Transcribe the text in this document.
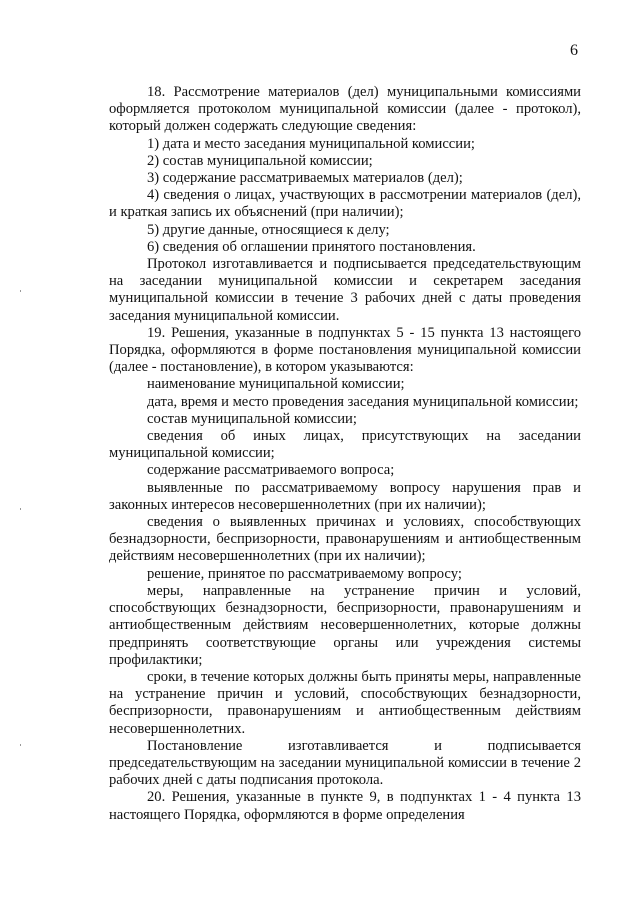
6

18. Рассмотрение материалов (дел) муниципальными комиссиями оформляется протоколом муниципальной комиссии (далее - протокол), который должен содержать следующие сведения:

1) дата и место заседания муниципальной комиссии;
2) состав муниципальной комиссии;
3) содержание рассматриваемых материалов (дел);

4) сведения о лицах, участвующих в рассмотрении материалов (дел), и краткая запись их объяснений (при наличии);

5) другие данные, относящиеся к делу;
6) сведения об оглашении принятого постановления.

Протокол изготавливается и подписывается председательствующим на заседании муниципальной комиссии и секретарем заседания муниципальной комиссии в течение 3 рабочих дней с даты проведения заседания муниципальной комиссии.

19. Решения, указанные в подпунктах 5 - 15 пункта 13 настоящего Порядка, оформляются в форме постановления муниципальной комиссии (далее - постановление), в котором указываются:

наименование муниципальной комиссии;

дата, время и место проведения заседания муниципальной комиссии;

состав муниципальной комиссии;

сведения об иных лицах, присутствующих на заседании муниципальной комиссии;

содержание рассматриваемого вопроса;

выявленные по рассматриваемому вопросу нарушения прав и законных интересов несовершеннолетних (при их наличии);

сведения о выявленных причинах и условиях, способствующих безнадзорности, беспризорности, правонарушениям и антиобщественным действиям несовершеннолетних (при их наличии);

решение, принятое по рассматриваемому вопросу;

меры, направленные на устранение причин и условий, способствующих безнадзорности, беспризорности, правонарушениям и антиобщественным действиям несовершеннолетних, которые должны предпринять соответствующие органы или учреждения системы профилактики;

сроки, в течение которых должны быть приняты меры, направленные на устранение причин и условий, способствующих безнадзорности, беспризорности, правонарушениям и антиобщественным действиям несовершеннолетних.

Постановление изготавливается и подписывается председательствующим на заседании муниципальной комиссии в течение 2 рабочих дней с даты подписания протокола.

20. Решения, указанные в пункте 9, в подпунктах 1 - 4 пункта 13 настоящего Порядка, оформляются в форме определения
